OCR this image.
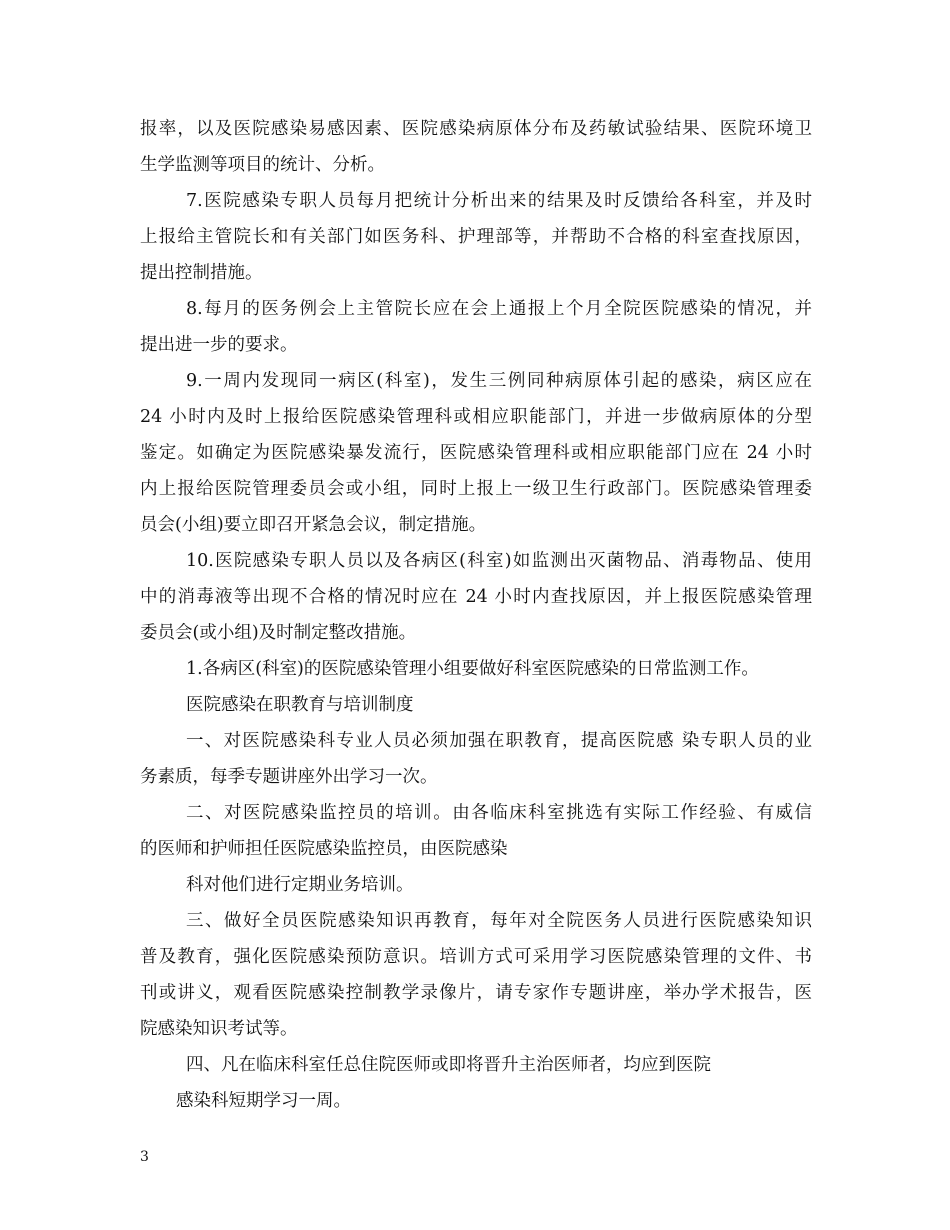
报率，以及医院感染易感因素、医院感染病原体分布及药敏试验结果、医院环境卫
生学监测等项目的统计、分析。
7.医院感染专职人员每月把统计分析出来的结果及时反馈给各科室，并及时
上报给主管院长和有关部门如医务科、护理部等，并帮助不合格的科室查找原因，
提出控制措施。
8.每月的医务例会上主管院长应在会上通报上个月全院医院感染的情况，并
提出进一步的要求。
9.一周内发现同一病区(科室)，发生三例同种病原体引起的感染，病区应在
24 小时内及时上报给医院感染管理科或相应职能部门，并进一步做病原体的分型
鉴定。如确定为医院感染暴发流行，医院感染管理科或相应职能部门应在 24 小时
内上报给医院管理委员会或小组，同时上报上一级卫生行政部门。医院感染管理委
员会(小组)要立即召开紧急会议，制定措施。
10.医院感染专职人员以及各病区(科室)如监测出灭菌物品、消毒物品、使用
中的消毒液等出现不合格的情况时应在 24 小时内查找原因，并上报医院感染管理
委员会(或小组)及时制定整改措施。
1.各病区(科室)的医院感染管理小组要做好科室医院感染的日常监测工作。
医院感染在职教育与培训制度
一、对医院感染科专业人员必须加强在职教育，提高医院感 染专职人员的业
务素质，每季专题讲座外出学习一次。
二、对医院感染监控员的培训。由各临床科室挑选有实际工作经验、有威信
的医师和护师担任医院感染监控员，由医院感染
科对他们进行定期业务培训。
三、做好全员医院感染知识再教育，每年对全院医务人员进行医院感染知识
普及教育，强化医院感染预防意识。培训方式可采用学习医院感染管理的文件、书
刊或讲义，观看医院感染控制教学录像片，请专家作专题讲座，举办学术报告，医
院感染知识考试等。
四、凡在临床科室任总住院医师或即将晋升主治医师者，均应到医院
感染科短期学习一周。
3
